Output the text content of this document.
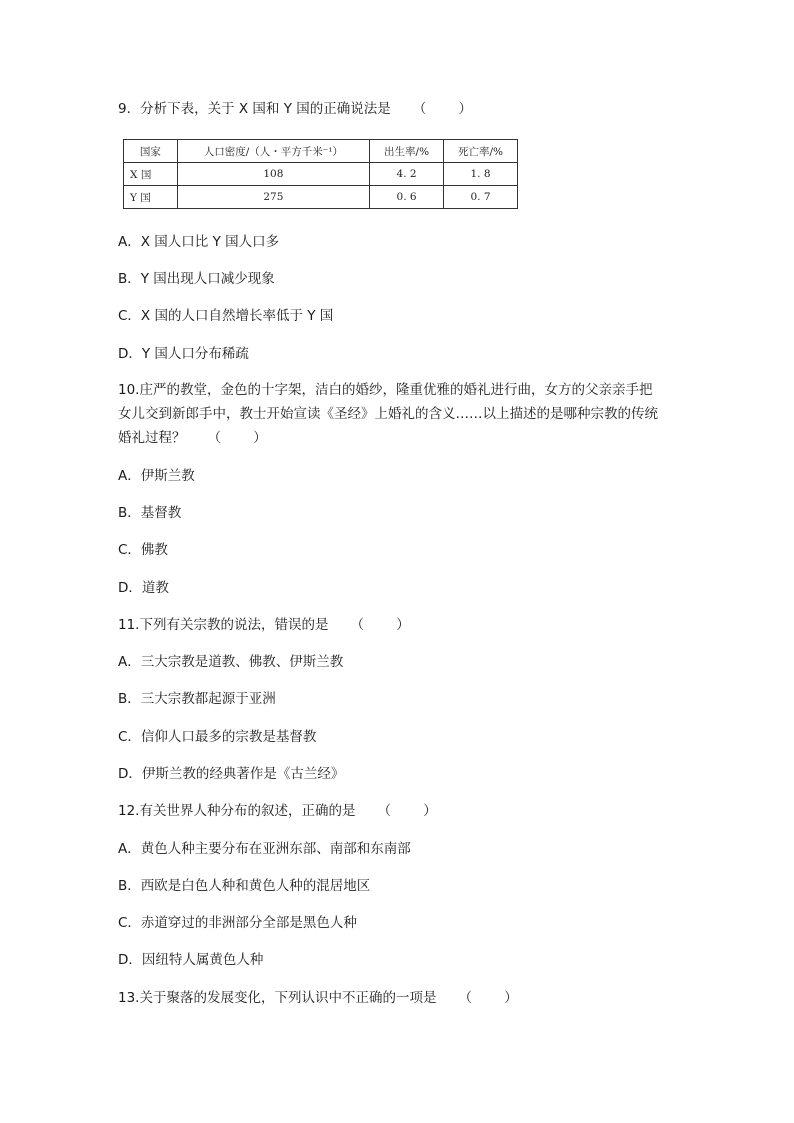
9．分析下表，关于 X 国和 Y 国的正确说法是 （ ）
国家	人口密度/（人・平方千米⁻¹）	出生率/%	死亡率/%
X 国	108	4. 2	1. 8
Y 国	275	0. 6	0. 7
A．X 国人口比 Y 国人口多
B．Y 国出现人口减少现象
C．X 国的人口自然增长率低于 Y 国
D．Y 国人口分布稀疏
10.庄严的教堂，金色的十字架，洁白的婚纱，隆重优雅的婚礼进行曲，女方的父亲亲手把
女儿交到新郎手中，教士开始宣读《圣经》上婚礼的含义……以上描述的是哪种宗教的传统
婚礼过程？ （ ）
A．伊斯兰教
B．基督教
C．佛教
D．道教
11.下列有关宗教的说法，错误的是 （ ）
A．三大宗教是道教、佛教、伊斯兰教
B．三大宗教都起源于亚洲
C．信仰人口最多的宗教是基督教
D．伊斯兰教的经典著作是《古兰经》
12.有关世界人种分布的叙述，正确的是 （ ）
A．黄色人种主要分布在亚洲东部、南部和东南部
B．西欧是白色人种和黄色人种的混居地区
C．赤道穿过的非洲部分全部是黑色人种
D．因纽特人属黄色人种
13.关于聚落的发展变化，下列认识中不正确的一项是 （ ）
